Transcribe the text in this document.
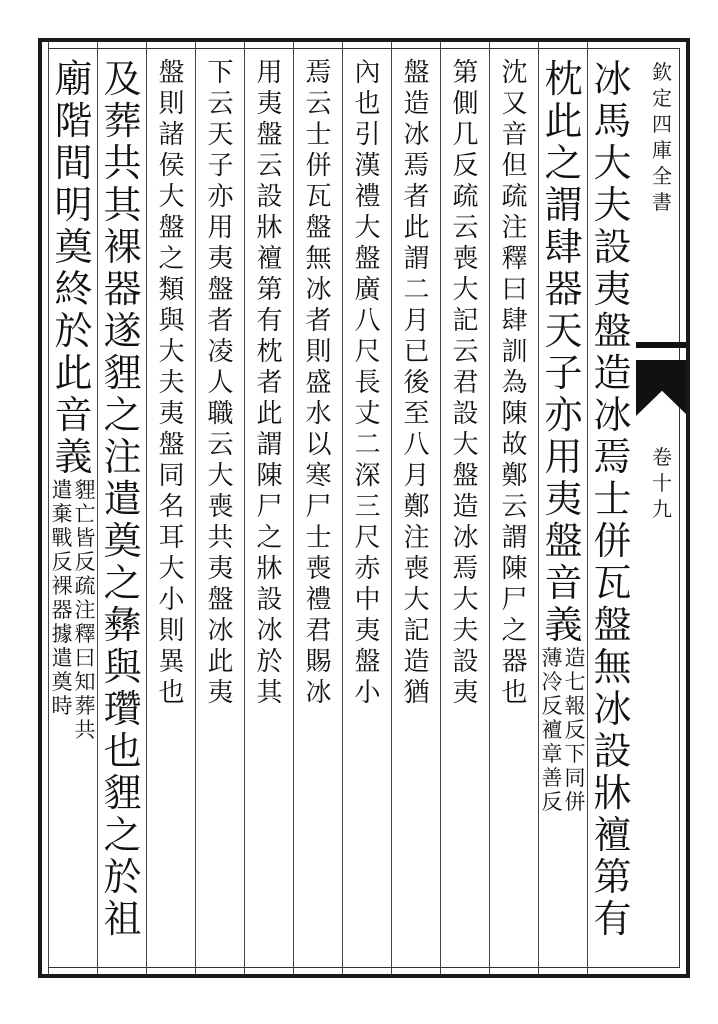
欽
定
四
庫
全
書
卷
十
九
冰
馬
大
夫
設
夷
盤
造
冰
焉
士
併
瓦
盤
無
冰
設
牀
襢
第
有
枕
此
之
謂
肆
器
天
子
亦
用
夷
盤
音
義
造
七
報
反
下
同
併
薄
冷
反
襢
章
善
反
沈
又
音
但
疏
注
釋
曰
肆
訓
為
陳
故
鄭
云
謂
陳
尸
之
器
也
第
側
几
反
疏
云
喪
大
記
云
君
設
大
盤
造
冰
焉
大
夫
設
夷
盤
造
冰
焉
者
此
謂
二
月
已
後
至
八
月
鄭
注
喪
大
記
造
猶
內
也
引
漢
禮
大
盤
廣
八
尺
長
丈
二
深
三
尺
赤
中
夷
盤
小
焉
云
士
併
瓦
盤
無
冰
者
則
盛
水
以
寒
尸
士
喪
禮
君
賜
冰
用
夷
盤
云
設
牀
襢
第
有
枕
者
此
謂
陳
尸
之
牀
設
冰
於
其
下
云
天
子
亦
用
夷
盤
者
凌
人
職
云
大
喪
共
夷
盤
冰
此
夷
盤
則
諸
侯
大
盤
之
類
與
大
夫
夷
盤
同
名
耳
大
小
則
異
也
及
葬
共
其
裸
器
遂
貍
之
注
遣
奠
之
彝
與
瓚
也
貍
之
於
祖
廟
階
間
明
奠
終
於
此
音
義
貍
亡
皆
反
遣
棄
戰
反
疏
注
釋
曰
知
葬
共
裸
器
據
遣
奠
時
